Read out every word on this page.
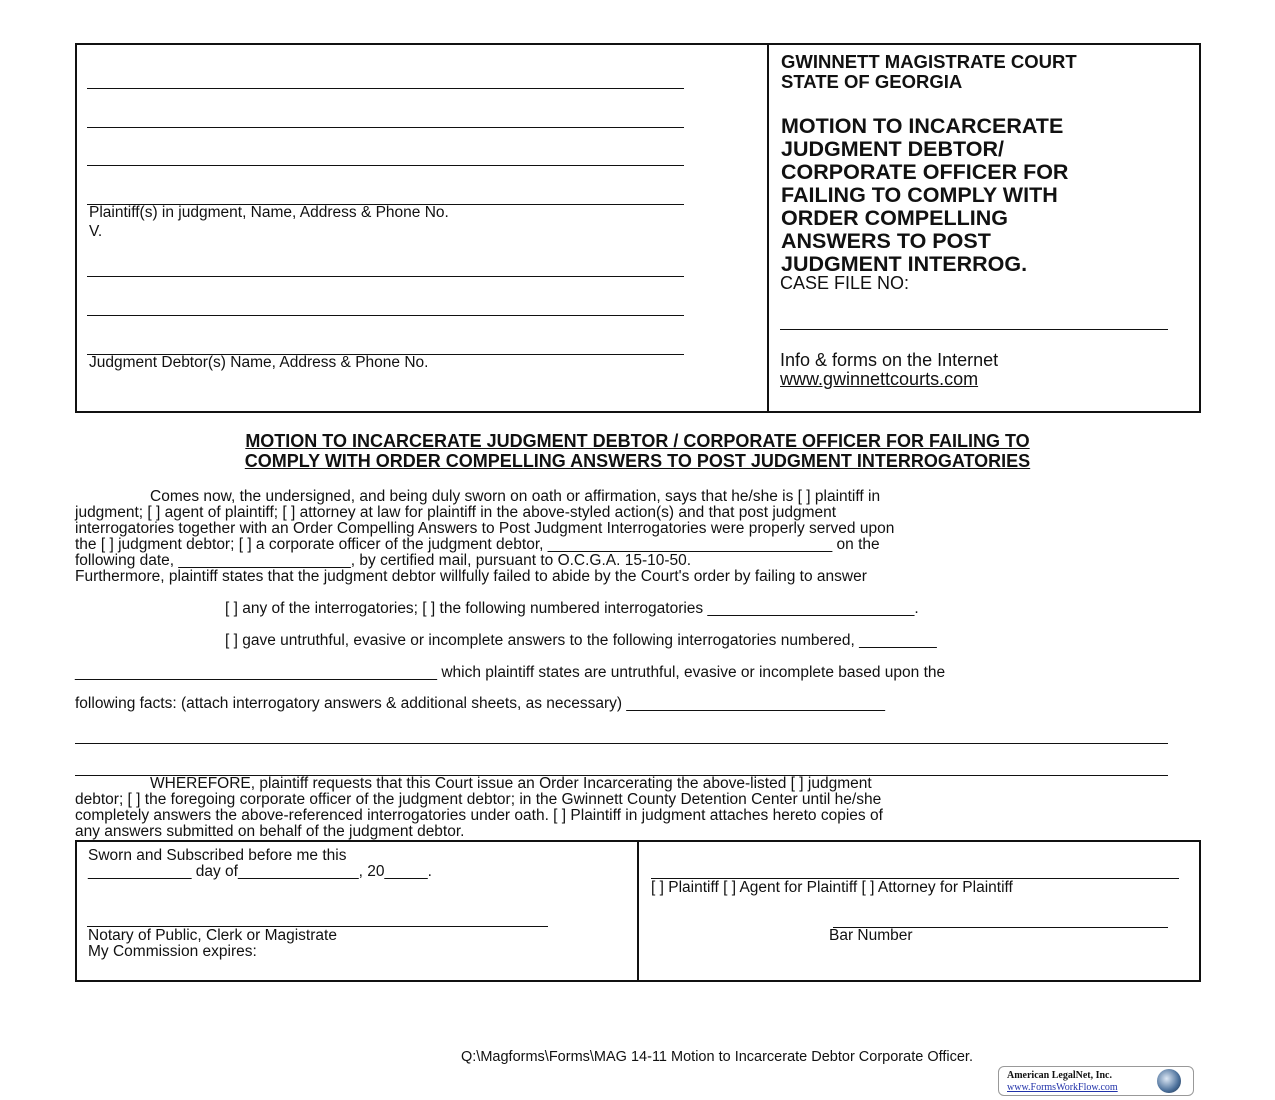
Plaintiff(s) in judgment, Name, Address & Phone No.
V.
Judgment Debtor(s) Name, Address & Phone No.
GWINNETT MAGISTRATE COURT
STATE OF GEORGIA
MOTION TO INCARCERATE
JUDGMENT DEBTOR/
CORPORATE OFFICER FOR
FAILING TO COMPLY WITH
ORDER COMPELLING
ANSWERS TO POST
JUDGMENT INTERROG.
CASE FILE NO:
Info & forms on the Internet
www.gwinnettcourts.com
MOTION TO INCARCERATE JUDGMENT DEBTOR / CORPORATE OFFICER FOR FAILING TO
COMPLY WITH ORDER COMPELLING ANSWERS TO POST JUDGMENT INTERROGATORIES
Comes now, the undersigned, and being duly sworn on oath or affirmation, says that he/she is [ ] plaintiff in
judgment; [ ] agent of plaintiff; [ ] attorney at law for plaintiff in the above-styled action(s) and that post judgment
interrogatories together with an Order Compelling Answers to Post Judgment Interrogatories were properly served upon
the [ ] judgment debtor; [ ] a corporate officer of the judgment debtor, _________________________________ on the
following date, ____________________, by certified mail, pursuant to O.C.G.A. 15-10-50.
Furthermore, plaintiff states that the judgment debtor willfully failed to abide by the Court's order by failing to answer
[ ] any of the interrogatories; [ ] the following numbered interrogatories ________________________.
[ ] gave untruthful, evasive or incomplete answers to the following interrogatories numbered, _________
__________________________________________ which plaintiff states are untruthful, evasive or incomplete based upon the
following facts: (attach interrogatory answers & additional sheets, as necessary) ______________________________
WHEREFORE, plaintiff requests that this Court issue an Order Incarcerating the above-listed [ ] judgment
debtor; [ ] the foregoing corporate officer of the judgment debtor; in the Gwinnett County Detention Center until he/she
completely answers the above-referenced interrogatories under oath. [ ] Plaintiff in judgment attaches hereto copies of
any answers submitted on behalf of the judgment debtor.
Sworn and Subscribed before me this
____________ day of______________, 20_____.
Notary of Public, Clerk or Magistrate
My Commission expires:
[ ] Plaintiff [ ] Agent for Plaintiff [ ] Attorney for Plaintiff
Bar Number
Q:\Magforms\Forms\MAG 14-11 Motion to Incarcerate Debtor Corporate Officer.
American LegalNet, Inc.
www.FormsWorkFlow.com
